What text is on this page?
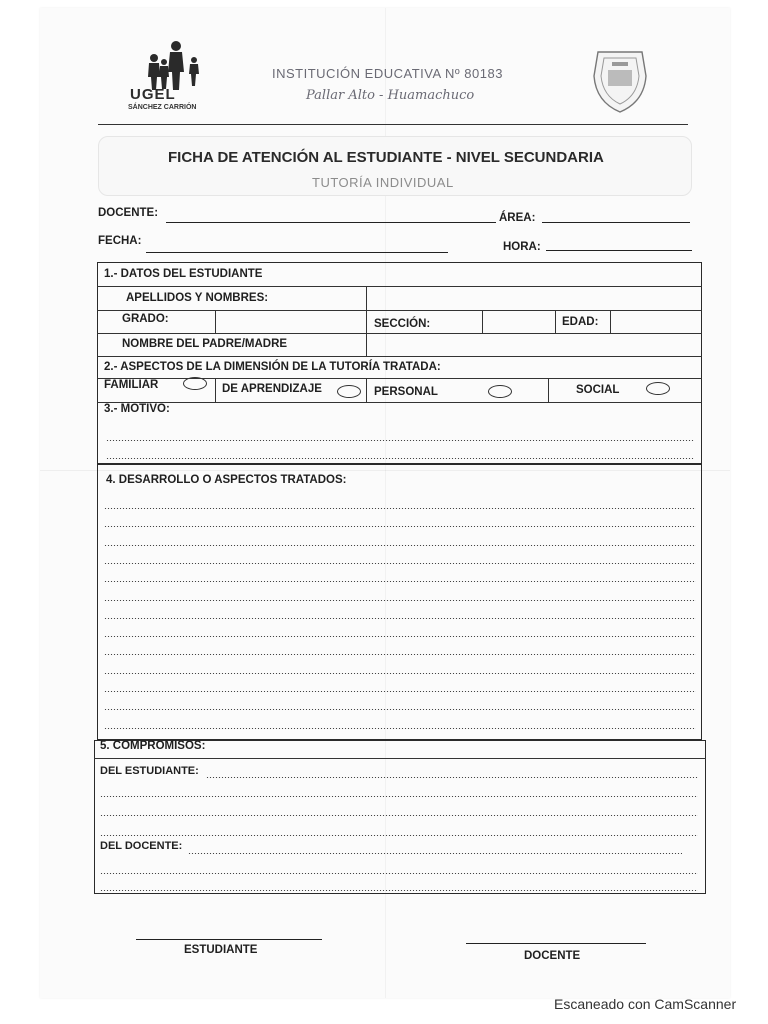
UGEL
SÁNCHEZ CARRIÓN
INSTITUCIÓN EDUCATIVA Nº 80183
Pallar Alto - Huamachuco
FICHA DE ATENCIÓN AL ESTUDIANTE - NIVEL SECUNDARIA
TUTORÍA INDIVIDUAL
DOCENTE:	ÁREA:
FECHA:	HORA:
1.- DATOS DEL ESTUDIANTE
APELLIDOS Y NOMBRES:
GRADO:	SECCIÓN:	EDAD:
NOMBRE DEL PADRE/MADRE
2.- ASPECTOS DE LA DIMENSIÓN DE LA TUTORÍA TRATADA:
FAMILIAR	DE APRENDIZAJE	PERSONAL	SOCIAL
3.- MOTIVO:
4. DESARROLLO O ASPECTOS TRATADOS:
5. COMPROMISOS:
DEL ESTUDIANTE:
DEL DOCENTE:
ESTUDIANTE	DOCENTE
Escaneado con CamScanner
